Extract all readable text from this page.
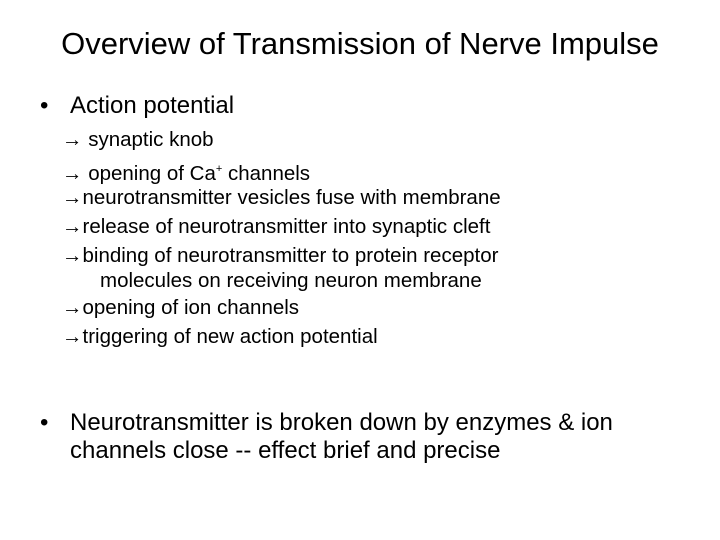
Overview of Transmission of Nerve Impulse
• Action potential
→ synaptic knob
→ opening of Ca+ channels
→neurotransmitter vesicles fuse with membrane
→release of neurotransmitter into synaptic cleft
→binding of neurotransmitter to protein receptor
molecules on receiving neuron membrane
→opening of ion channels
→triggering of new action potential
• Neurotransmitter is broken down by enzymes & ion channels close -- effect brief and precise
